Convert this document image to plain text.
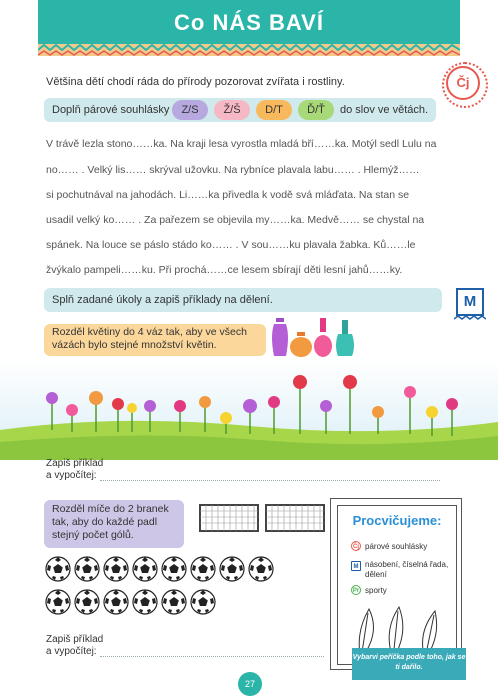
Co NÁS BAVÍ
Většina dětí chodí ráda do přírody pozorovat zvířata i rostliny.	Čj
Doplň párové souhlásky	Z/S	Ž/Š	D/T	Ď/Ť	do slov ve větách.
V trávě lezla stono……ka. Na kraji lesa vyrostla mladá bří……ka. Motýl sedl Lulu na
no…… . Velký lis…… skrýval užovku. Na rybníce plavala labu…… . Hlemýž……
si pochutnával na jahodách. Li……ka přivedla k vodě svá mláďata. Na stan se
usadil velký ko…… . Za pařezem se objevila my……ka. Medvě…… se chystal na
spánek. Na louce se páslo stádo ko…… . V sou……ku plavala žabka. Ků……le
žvýkalo pampeli……ku. Při prochá……ce lesem sbírají děti lesní jahů……ky.
M
Splň zadané úkoly a zapiš příklady na dělení.
Rozděl květiny do 4 váz tak, aby ve všech vázách bylo stejné množství květin.
Zapiš příklad
a vypočítej:
Rozděl míče do 2 branek tak, aby do každé padl stejný počet gólů.
Zapiš příklad
a vypočítej:
Procvičujeme:
Čj párové souhlásky
M násobení, číselná řada,
dělení
Pr sporty
Vybarvi peříčka podle toho, jak se ti dařilo.
27
